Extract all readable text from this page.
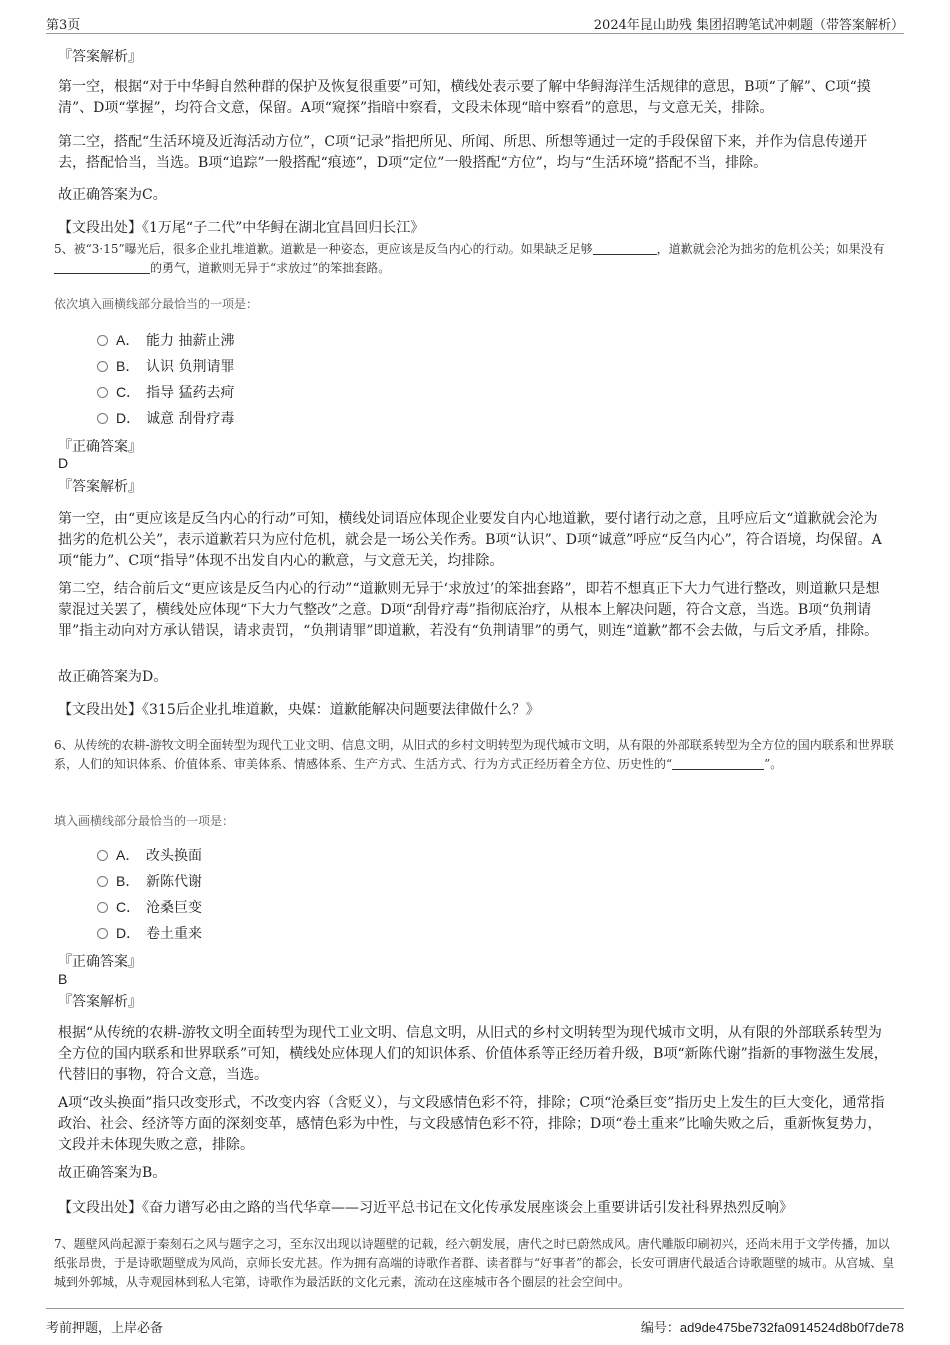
第3页	2024年昆山助残 集团招聘笔试冲刺题（带答案解析）

『答案解析』

第一空，根据“对于中华鲟自然种群的保护及恢复很重要”可知，横线处表示要了解中华鲟海洋生活规律的意思，B项“了解”、C项“摸清”、D项“掌握”，均符合文意，保留。A项“窥探”指暗中察看，文段未体现“暗中察看”的意思，与文意无关，排除。

第二空，搭配“生活环境及近海活动方位”，C项“记录”指把所见、所闻、所思、所想等通过一定的手段保留下来，并作为信息传递开去，搭配恰当，当选。B项“追踪”一般搭配“痕迹”，D项“定位”一般搭配“方位”，均与“生活环境”搭配不当，排除。

故正确答案为C。

【文段出处】《1万尾“子二代”中华鲟在湖北宜昌回归长江》

5、被“3·15”曝光后，很多企业扎堆道歉。道歉是一种姿态，更应该是反刍内心的行动。如果缺乏足够	，道歉就会沦为拙劣的危机公关；如果没有的勇气，道歉则无异于“求放过”的笨拙套路。

依次填入画横线部分最恰当的一项是：

A． 能力 抽薪止沸
B． 认识 负荆请罪
C． 指导 猛药去疴
D． 诚意 刮骨疗毒

『正确答案』

D

『答案解析』

第一空，由“更应该是反刍内心的行动”可知，横线处词语应体现企业要发自内心地道歉，要付诸行动之意，且呼应后文“道歉就会沦为拙劣的危机公关”，表示道歉若只为应付危机，就会是一场公关作秀。B项“认识”、D项“诚意”呼应“反刍内心”，符合语境，均保留。A项“能力”、C项“指导”体现不出发自内心的歉意，与文意无关，均排除。

第二空，结合前后文“更应该是反刍内心的行动”“道歉则无异于‘求放过’的笨拙套路”，即若不想真正下大力气进行整改，则道歉只是想蒙混过关罢了，横线处应体现“下大力气整改”之意。D项“刮骨疗毒”指彻底治疗，从根本上解决问题，符合文意，当选。B项“负荆请罪”指主动向对方承认错误，请求责罚，“负荆请罪”即道歉，若没有“负荆请罪”的勇气，则连“道歉”都不会去做，与后文矛盾，排除。

故正确答案为D。

【文段出处】《315后企业扎堆道歉，央媒：道歉能解决问题要法律做什么？》

6、从传统的农耕-游牧文明全面转型为现代工业文明、信息文明，从旧式的乡村文明转型为现代城市文明，从有限的外部联系转型为全方位的国内联系和世界联系，人们的知识体系、价值体系、审美体系、情感体系、生产方式、生活方式、行为方式正经历着全方位、历史性的“	”。

填入画横线部分最恰当的一项是：

A． 改头换面
B． 新陈代谢
C． 沧桑巨变
D． 卷土重来

『正确答案』

B

『答案解析』

根据“从传统的农耕-游牧文明全面转型为现代工业文明、信息文明，从旧式的乡村文明转型为现代城市文明，从有限的外部联系转型为全方位的国内联系和世界联系”可知，横线处应体现人们的知识体系、价值体系等正经历着升级，B项“新陈代谢”指新的事物滋生发展，代替旧的事物，符合文意，当选。

A项“改头换面”指只改变形式，不改变内容（含贬义），与文段感情色彩不符，排除；C项“沧桑巨变”指历史上发生的巨大变化，通常指政治、社会、经济等方面的深刻变革，感情色彩为中性，与文段感情色彩不符，排除；D项“卷土重来”比喻失败之后，重新恢复势力，文段并未体现失败之意，排除。

故正确答案为B。

【文段出处】《奋力谱写必由之路的当代华章——习近平总书记在文化传承发展座谈会上重要讲话引发社科界热烈反响》

7、题壁风尚起源于秦刻石之风与题字之习，至东汉出现以诗题壁的记载，经六朝发展，唐代之时已蔚然成风。唐代雕版印刷初兴，还尚未用于文学传播，加以纸张昂贵，于是诗歌题壁成为风尚，京师长安尤甚。作为拥有高端的诗歌作者群、读者群与“好事者”的都会，长安可谓唐代最适合诗歌题壁的城市。从宫城、皇城到外郭城，从寺观园林到私人宅第，诗歌作为最活跃的文化元素，流动在这座城市各个圈层的社会空间中。

考前押题，上岸必备	编号：ad9de475be732fa0914524d8b0f7de78
